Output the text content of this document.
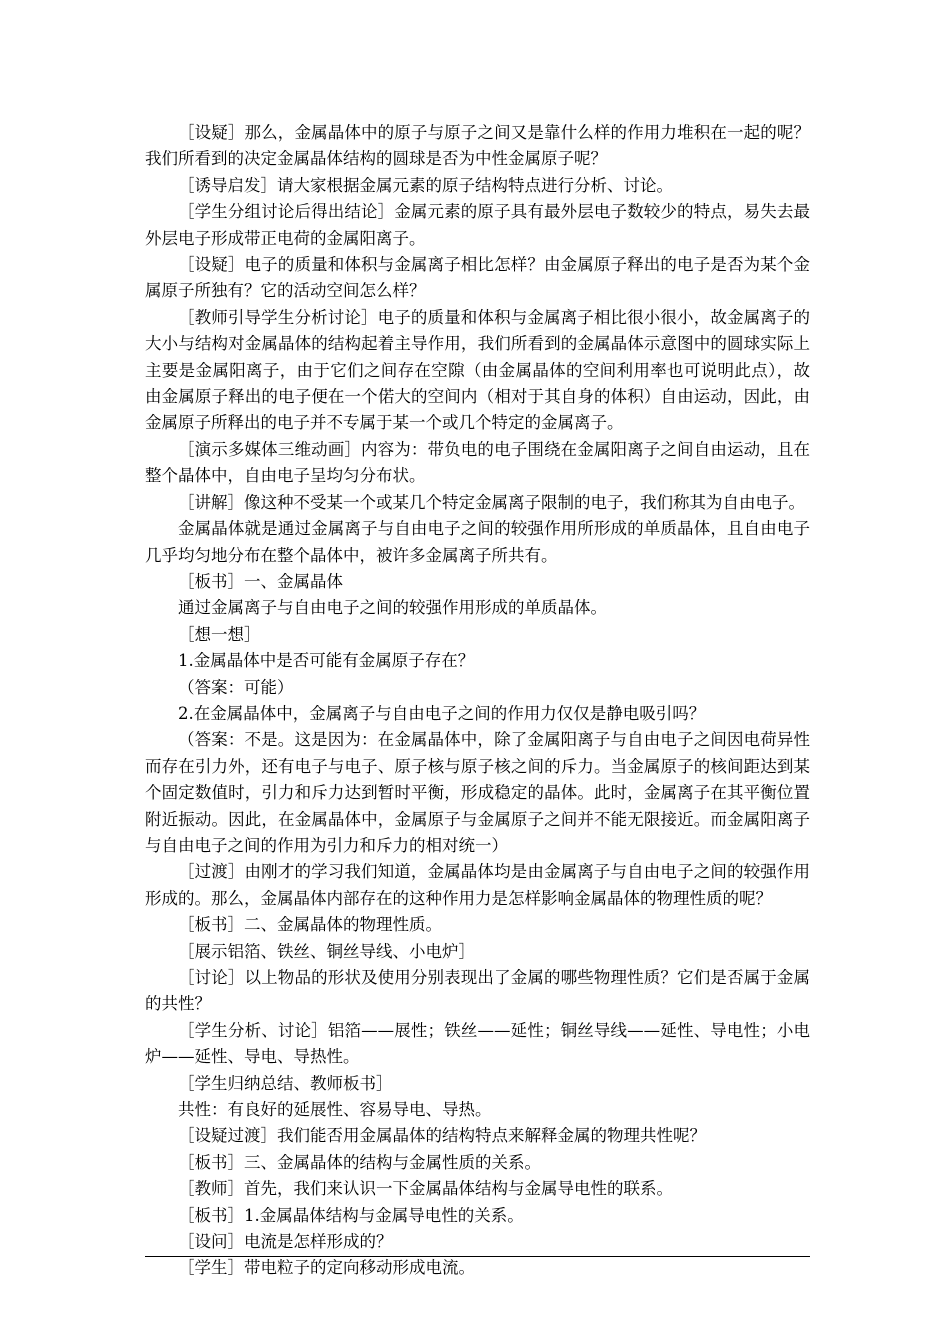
［设疑］那么，金属晶体中的原子与原子之间又是靠什么样的作用力堆积在一起的呢？我们所看到的决定金属晶体结构的圆球是否为中性金属原子呢？

［诱导启发］请大家根据金属元素的原子结构特点进行分析、讨论。

［学生分组讨论后得出结论］金属元素的原子具有最外层电子数较少的特点，易失去最外层电子形成带正电荷的金属阳离子。

［设疑］电子的质量和体积与金属离子相比怎样？由金属原子释出的电子是否为某个金属原子所独有？它的活动空间怎么样？

［教师引导学生分析讨论］电子的质量和体积与金属离子相比很小很小，故金属离子的大小与结构对金属晶体的结构起着主导作用，我们所看到的金属晶体示意图中的圆球实际上主要是金属阳离子，由于它们之间存在空隙（由金属晶体的空间利用率也可说明此点），故由金属原子释出的电子便在一个偌大的空间内（相对于其自身的体积）自由运动，因此，由金属原子所释出的电子并不专属于某一个或几个特定的金属离子。

［演示多媒体三维动画］内容为：带负电的电子围绕在金属阳离子之间自由运动，且在整个晶体中，自由电子呈均匀分布状。

［讲解］像这种不受某一个或某几个特定金属离子限制的电子，我们称其为自由电子。

金属晶体就是通过金属离子与自由电子之间的较强作用所形成的单质晶体，且自由电子几乎均匀地分布在整个晶体中，被许多金属离子所共有。

［板书］一、金属晶体

通过金属离子与自由电子之间的较强作用形成的单质晶体。

［想一想］

1.金属晶体中是否可能有金属原子存在？

（答案：可能）

2.在金属晶体中，金属离子与自由电子之间的作用力仅仅是静电吸引吗？

（答案：不是。这是因为：在金属晶体中，除了金属阳离子与自由电子之间因电荷异性而存在引力外，还有电子与电子、原子核与原子核之间的斥力。当金属原子的核间距达到某个固定数值时，引力和斥力达到暂时平衡，形成稳定的晶体。此时，金属离子在其平衡位置附近振动。因此，在金属晶体中，金属原子与金属原子之间并不能无限接近。而金属阳离子与自由电子之间的作用为引力和斥力的相对统一）

［过渡］由刚才的学习我们知道，金属晶体均是由金属离子与自由电子之间的较强作用形成的。那么，金属晶体内部存在的这种作用力是怎样影响金属晶体的物理性质的呢？

［板书］二、金属晶体的物理性质。

［展示铝箔、铁丝、铜丝导线、小电炉］

［讨论］以上物品的形状及使用分别表现出了金属的哪些物理性质？它们是否属于金属的共性？

［学生分析、讨论］铝箔——展性；铁丝——延性；铜丝导线——延性、导电性；小电炉——延性、导电、导热性。

［学生归纳总结、教师板书］

共性：有良好的延展性、容易导电、导热。

［设疑过渡］我们能否用金属晶体的结构特点来解释金属的物理共性呢？

［板书］三、金属晶体的结构与金属性质的关系。

［教师］首先，我们来认识一下金属晶体结构与金属导电性的联系。

［板书］1.金属晶体结构与金属导电性的关系。

［设问］电流是怎样形成的？

［学生］带电粒子的定向移动形成电流。
